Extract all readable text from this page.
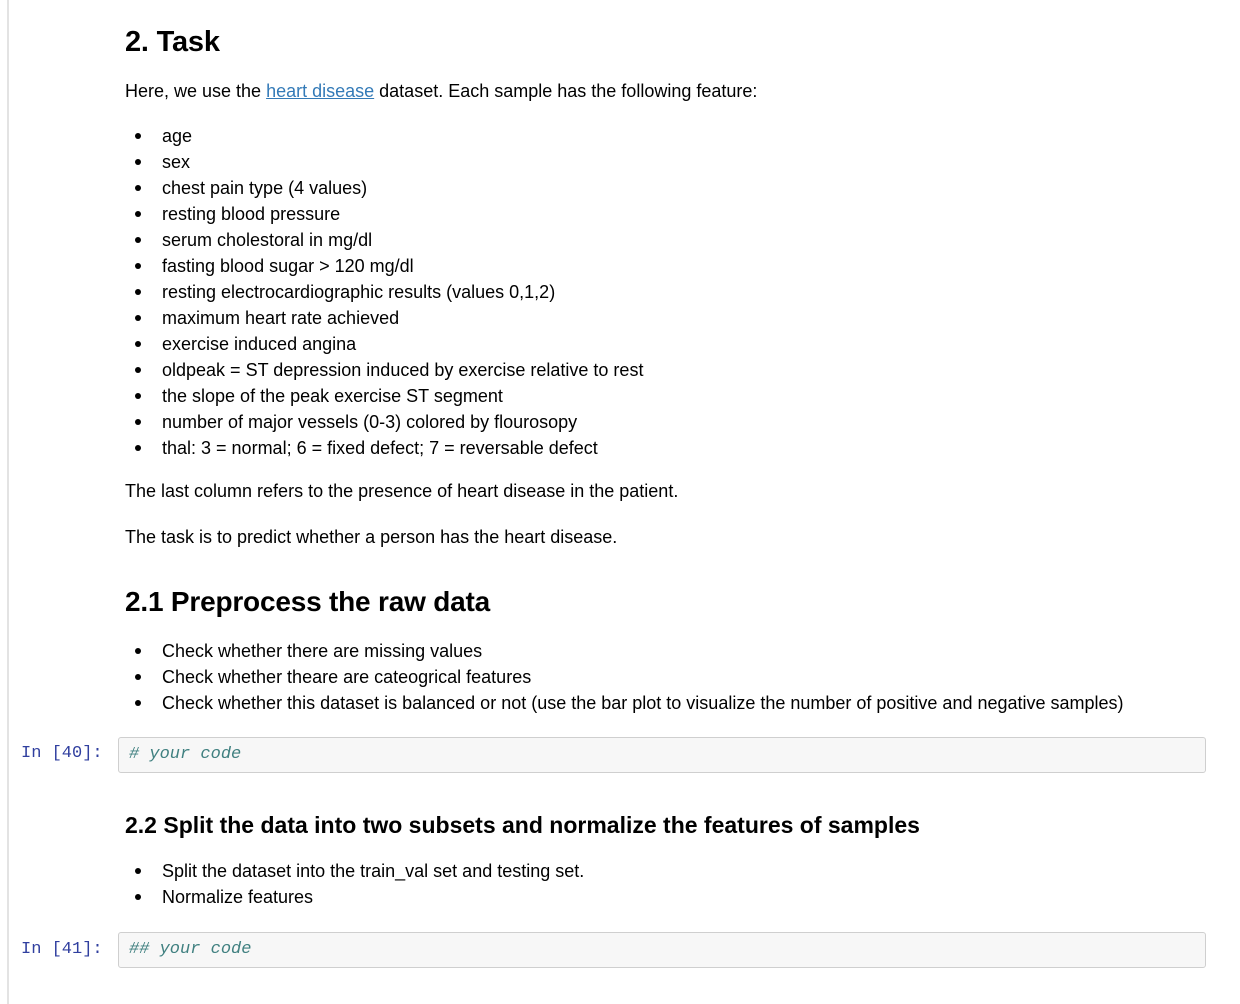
2. Task

Here, we use the heart disease dataset. Each sample has the following feature:

age
sex
chest pain type (4 values)
resting blood pressure
serum cholestoral in mg/dl
fasting blood sugar > 120 mg/dl
resting electrocardiographic results (values 0,1,2)
maximum heart rate achieved
exercise induced angina
oldpeak = ST depression induced by exercise relative to rest
the slope of the peak exercise ST segment
number of major vessels (0-3) colored by flourosopy
thal: 3 = normal; 6 = fixed defect; 7 = reversable defect

The last column refers to the presence of heart disease in the patient.

The task is to predict whether a person has the heart disease.

2.1 Preprocess the raw data
Check whether there are missing values
Check whether theare are cateogrical features
Check whether this dataset is balanced or not (use the bar plot to visualize the number of positive and negative samples)
In [40]: # your code
2.2 Split the data into two subsets and normalize the features of samples
Split the dataset into the train_val set and testing set.
Normalize features
In [41]: ## your code
